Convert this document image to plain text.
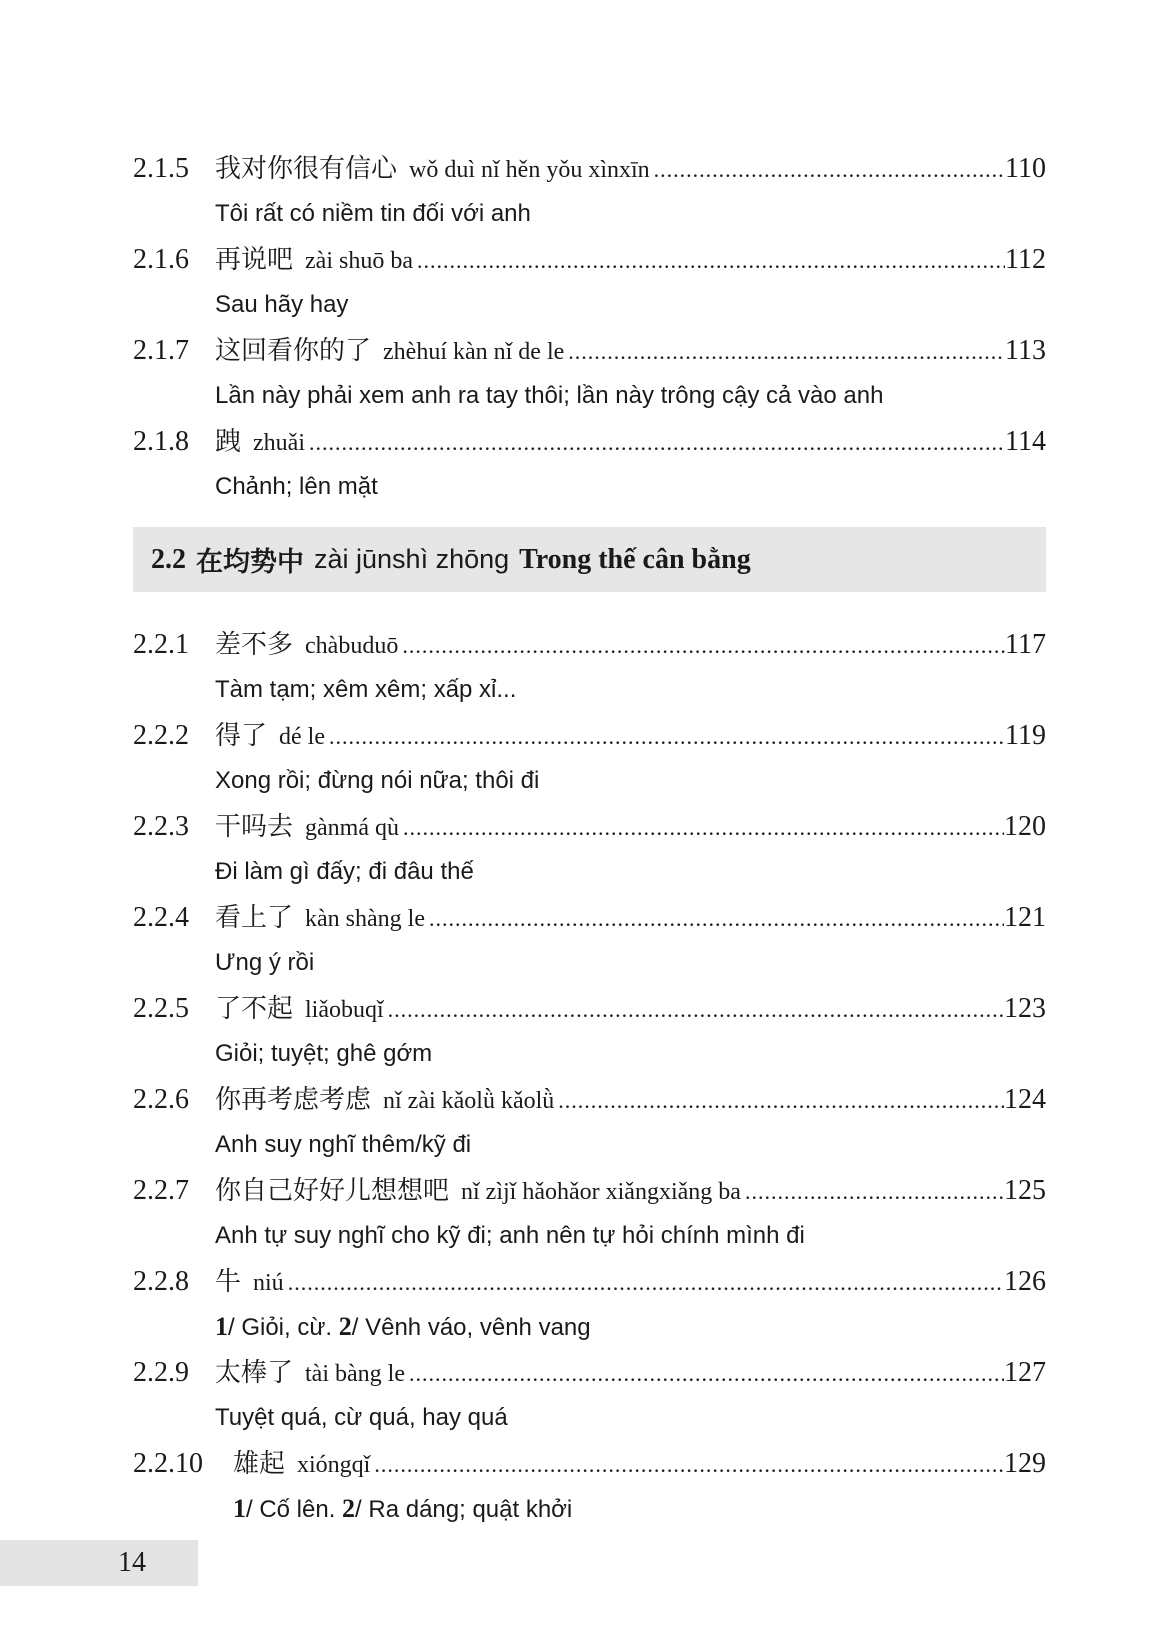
2.1.5	我对你很有信心 wǒ duì nǐ hěn yǒu xìnxīn .....	110
Tôi rất có niềm tin đối với anh
2.1.6	再说吧 zài shuō ba .....	112
Sau hãy hay
2.1.7	这回看你的了 zhèhuí kàn nǐ de le .....	113
Lần này phải xem anh ra tay thôi; lần này trông cậy cả vào anh
2.1.8	跩 zhuǎi .....	114
Chảnh; lên mặt
2.2 在均势中 zài jūnshì zhōng Trong thế cân bằng
2.2.1	差不多 chàbuduō .....	117
Tàm tạm; xêm xêm; xấp xỉ...
2.2.2	得了 dé le .....	119
Xong rồi; đừng nói nữa; thôi đi
2.2.3	干吗去 gànmá qù .....	120
Đi làm gì đấy; đi đâu thế
2.2.4	看上了 kàn shàng le .....	121
Ưng ý rồi
2.2.5	了不起 liǎobuqǐ .....	123
Giỏi; tuyệt; ghê gớm
2.2.6	你再考虑考虑 nǐ zài kǎolǜ kǎolǜ .....	124
Anh suy nghĩ thêm/kỹ đi
2.2.7	你自己好好儿想想吧 nǐ zìjǐ hǎohǎor xiǎngxiǎng ba .....	125
Anh tự suy nghĩ cho kỹ đi; anh nên tự hỏi chính mình đi
2.2.8	牛 niú .....	126
1/ Giỏi, cừ. 2/ Vênh váo, vênh vang
2.2.9	太棒了 tài bàng le .....	127
Tuyệt quá, cừ quá, hay quá
2.2.10	雄起 xióngqǐ .....	129
1/ Cố lên. 2/ Ra dáng; quật khởi
14
